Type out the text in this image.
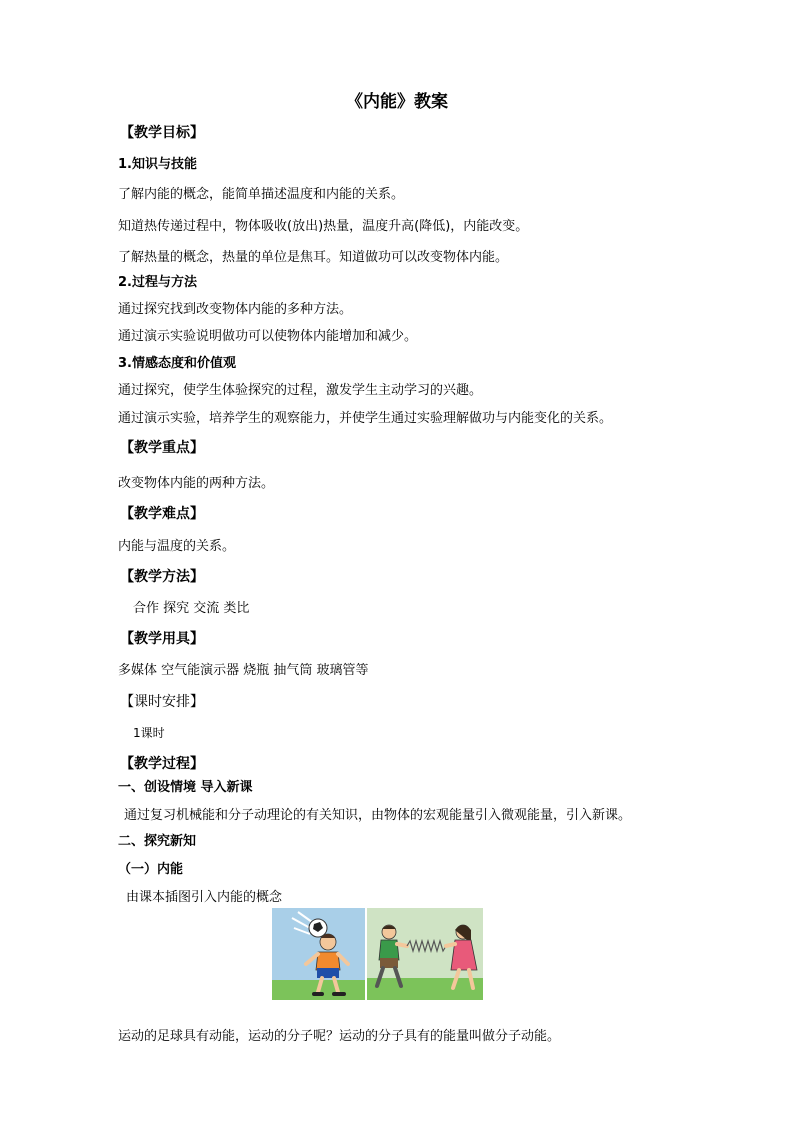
《内能》教案
【教学目标】
1.知识与技能
了解内能的概念，能简单描述温度和内能的关系。
知道热传递过程中，物体吸收(放出)热量，温度升高(降低)，内能改变。
了解热量的概念，热量的单位是焦耳。知道做功可以改变物体内能。
2.过程与方法
通过探究找到改变物体内能的多种方法。
通过演示实验说明做功可以使物体内能增加和减少。
3.情感态度和价值观
通过探究，使学生体验探究的过程，激发学生主动学习的兴趣。
通过演示实验，培养学生的观察能力，并使学生通过实验理解做功与内能变化的关系。
【教学重点】
改变物体内能的两种方法。
【教学难点】
内能与温度的关系。
【教学方法】
合作 探究 交流 类比
【教学用具】
多媒体 空气能演示器 烧瓶 抽气筒 玻璃管等
【课时安排】
1课时
【教学过程】
一、创设情境 导入新课
通过复习机械能和分子动理论的有关知识，由物体的宏观能量引入微观能量，引入新课。
二、探究新知
（一）内能
由课本插图引入内能的概念
运动的足球具有动能，运动的分子呢？运动的分子具有的能量叫做分子动能。
